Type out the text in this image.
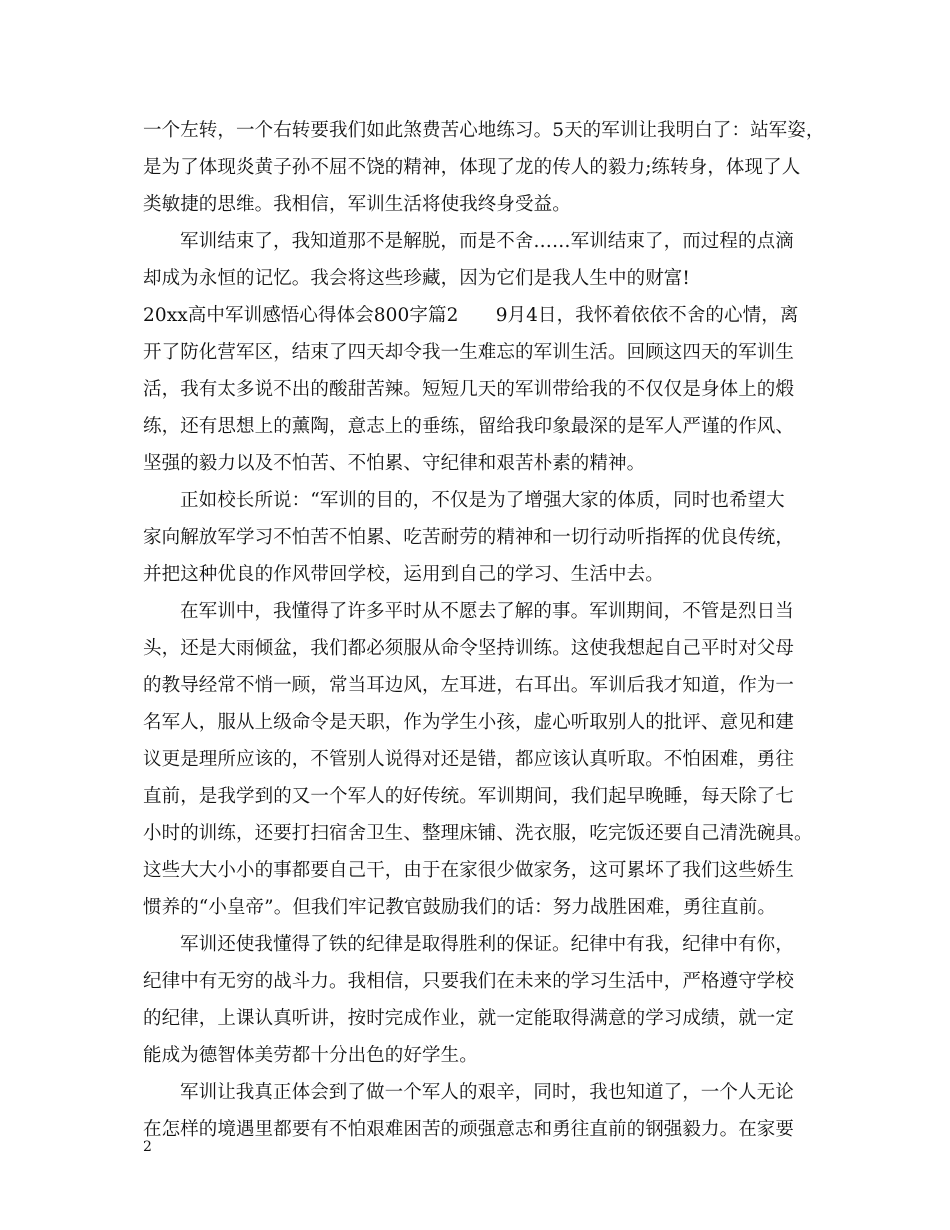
一个左转，一个右转要我们如此煞费苦心地练习。5天的军训让我明白了：站军姿，
是为了体现炎黄子孙不屈不饶的精神，体现了龙的传人的毅力;练转身，体现了人
类敏捷的思维。我相信，军训生活将使我终身受益。
军训结束了，我知道那不是解脱，而是不舍……军训结束了，而过程的点滴
却成为永恒的记忆。我会将这些珍藏，因为它们是我人生中的财富!
20xx高中军训感悟心得体会800字篇2　　9月4日，我怀着依依不舍的心情，离
开了防化营军区，结束了四天却令我一生难忘的军训生活。回顾这四天的军训生
活，我有太多说不出的酸甜苦辣。短短几天的军训带给我的不仅仅是身体上的煅
练，还有思想上的薰陶，意志上的垂练，留给我印象最深的是军人严谨的作风、
坚强的毅力以及不怕苦、不怕累、守纪律和艰苦朴素的精神。
正如校长所说：“军训的目的，不仅是为了增强大家的体质，同时也希望大
家向解放军学习不怕苦不怕累、吃苦耐劳的精神和一切行动听指挥的优良传统，
并把这种优良的作风带回学校，运用到自己的学习、生活中去。
在军训中，我懂得了许多平时从不愿去了解的事。军训期间，不管是烈日当
头，还是大雨倾盆，我们都必须服从命令坚持训练。这使我想起自己平时对父母
的教导经常不悄一顾，常当耳边风，左耳进，右耳出。军训后我才知道，作为一
名军人，服从上级命令是天职，作为学生小孩，虚心听取别人的批评、意见和建
议更是理所应该的，不管别人说得对还是错，都应该认真听取。不怕困难，勇往
直前，是我学到的又一个军人的好传统。军训期间，我们起早晚睡，每天除了七
小时的训练，还要打扫宿舍卫生、整理床铺、洗衣服，吃完饭还要自己清洗碗具。
这些大大小小的事都要自己干，由于在家很少做家务，这可累坏了我们这些娇生
惯养的“小皇帝”。但我们牢记教官鼓励我们的话：努力战胜困难，勇往直前。
军训还使我懂得了铁的纪律是取得胜利的保证。纪律中有我，纪律中有你，
纪律中有无穷的战斗力。我相信，只要我们在未来的学习生活中，严格遵守学校
的纪律，上课认真听讲，按时完成作业，就一定能取得满意的学习成绩，就一定
能成为德智体美劳都十分出色的好学生。
军训让我真正体会到了做一个军人的艰辛，同时，我也知道了，一个人无论
在怎样的境遇里都要有不怕艰难困苦的顽强意志和勇往直前的钢强毅力。在家要
2
